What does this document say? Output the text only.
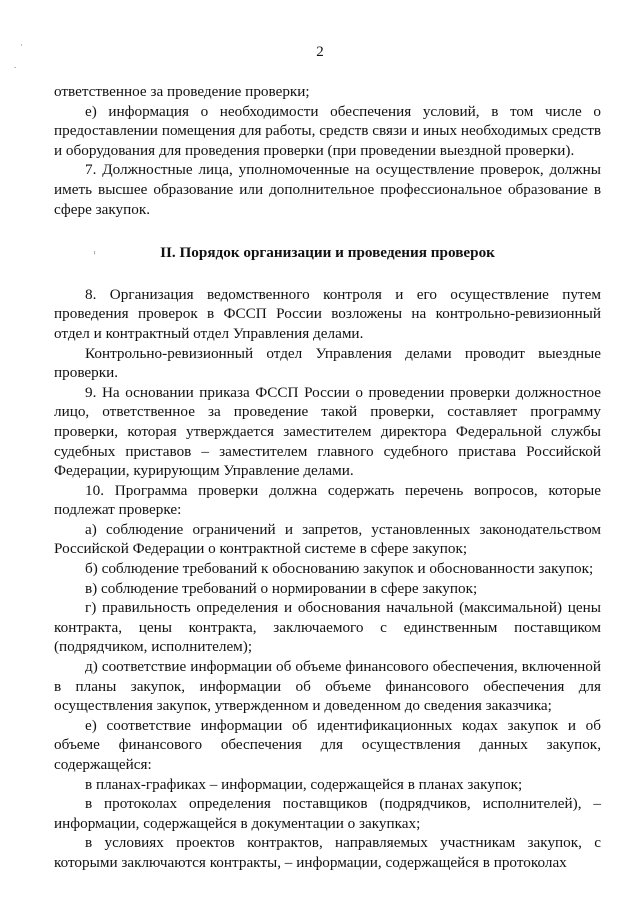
·
.
ⸯ
2

ответственное за проведение проверки;

е) информация о необходимости обеспечения условий, в том числе о предоставлении помещения для работы, средств связи и иных необходимых средств и оборудования для проведения проверки (при проведении выездной проверки).

7. Должностные лица, уполномоченные на осуществление проверок, должны иметь высшее образование или дополнительное профессиональное образование в сфере закупок.

II. Порядок организации и проведения проверок

8. Организация ведомственного контроля и его осуществление путем проведения проверок в ФССП России возложены на контрольно-ревизионный отдел и контрактный отдел Управления делами.

Контрольно-ревизионный отдел Управления делами проводит выездные проверки.

9. На основании приказа ФССП России о проведении проверки должностное лицо, ответственное за проведение такой проверки, составляет программу проверки, которая утверждается заместителем директора Федеральной службы судебных приставов – заместителем главного судебного пристава Российской Федерации, курирующим Управление делами.

10. Программа проверки должна содержать перечень вопросов, которые подлежат проверке:

а) соблюдение ограничений и запретов, установленных законодательством Российской Федерации о контрактной системе в сфере закупок;

б) соблюдение требований к обоснованию закупок и обоснованности закупок;

в) соблюдение требований о нормировании в сфере закупок;

г) правильность определения и обоснования начальной (максимальной) цены контракта, цены контракта, заключаемого с единственным поставщиком (подрядчиком, исполнителем);

д) соответствие информации об объеме финансового обеспечения, включенной в планы закупок, информации об объеме финансового обеспечения для осуществления закупок, утвержденном и доведенном до сведения заказчика;

е) соответствие информации об идентификационных кодах закупок и об объеме финансового обеспечения для осуществления данных закупок, содержащейся:

в планах-графиках – информации, содержащейся в планах закупок;

в протоколах определения поставщиков (подрядчиков, исполнителей), – информации, содержащейся в документации о закупках;

в условиях проектов контрактов, направляемых участникам закупок, с которыми заключаются контракты, – информации, содержащейся в протоколах
